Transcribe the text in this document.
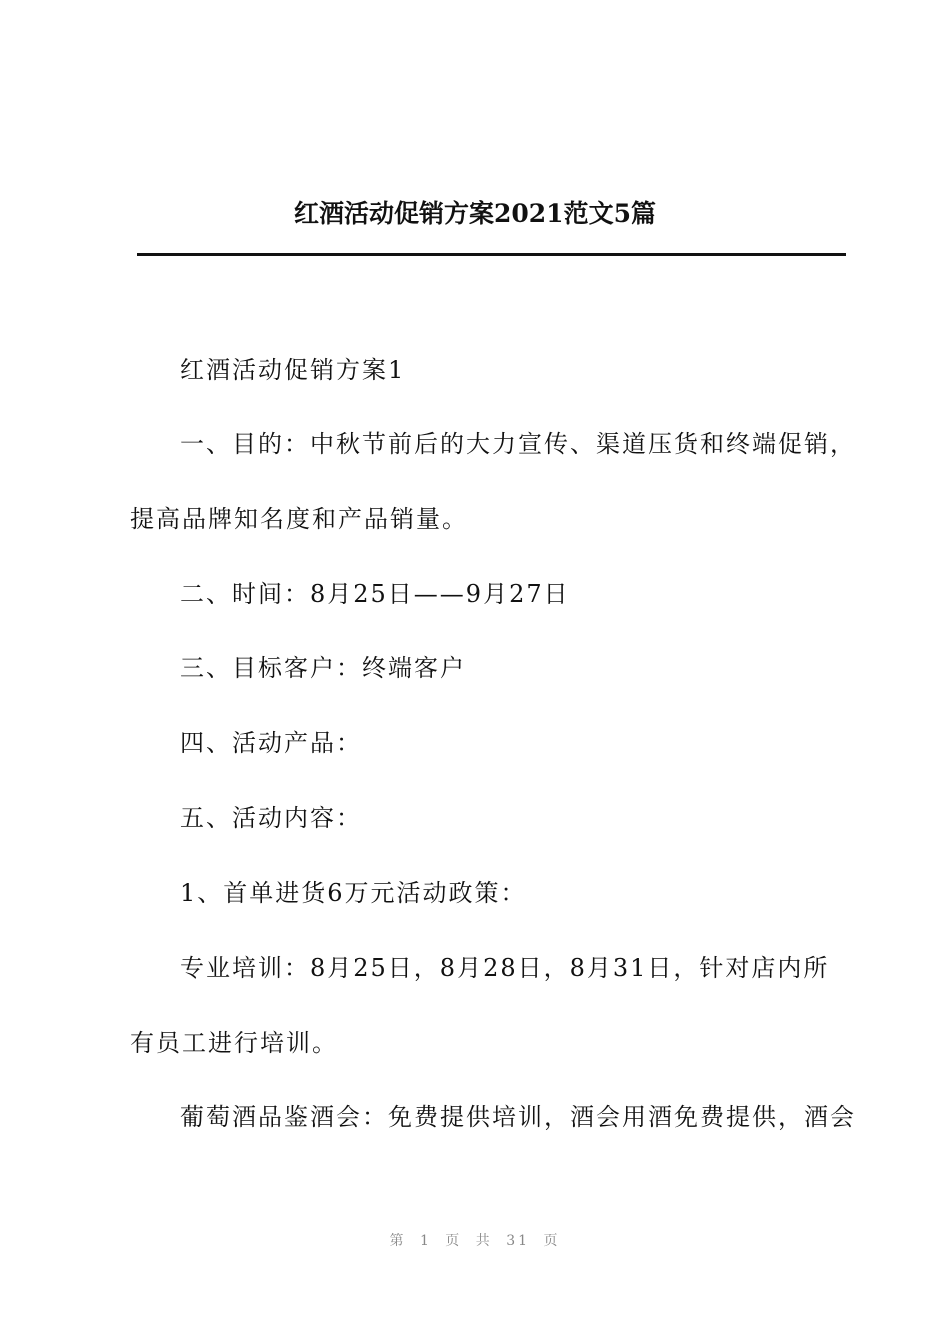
红酒活动促销方案2021范文5篇
红酒活动促销方案1
一、目的：中秋节前后的大力宣传、渠道压货和终端促销，
提高品牌知名度和产品销量。
二、时间：8月25日——9月27日
三、目标客户：终端客户
四、活动产品：
五、活动内容：
1、首单进货6万元活动政策：
专业培训：8月25日，8月28日，8月31日，针对店内所
有员工进行培训。
葡萄酒品鉴酒会：免费提供培训，酒会用酒免费提供，酒会
第 1 页 共 31 页
